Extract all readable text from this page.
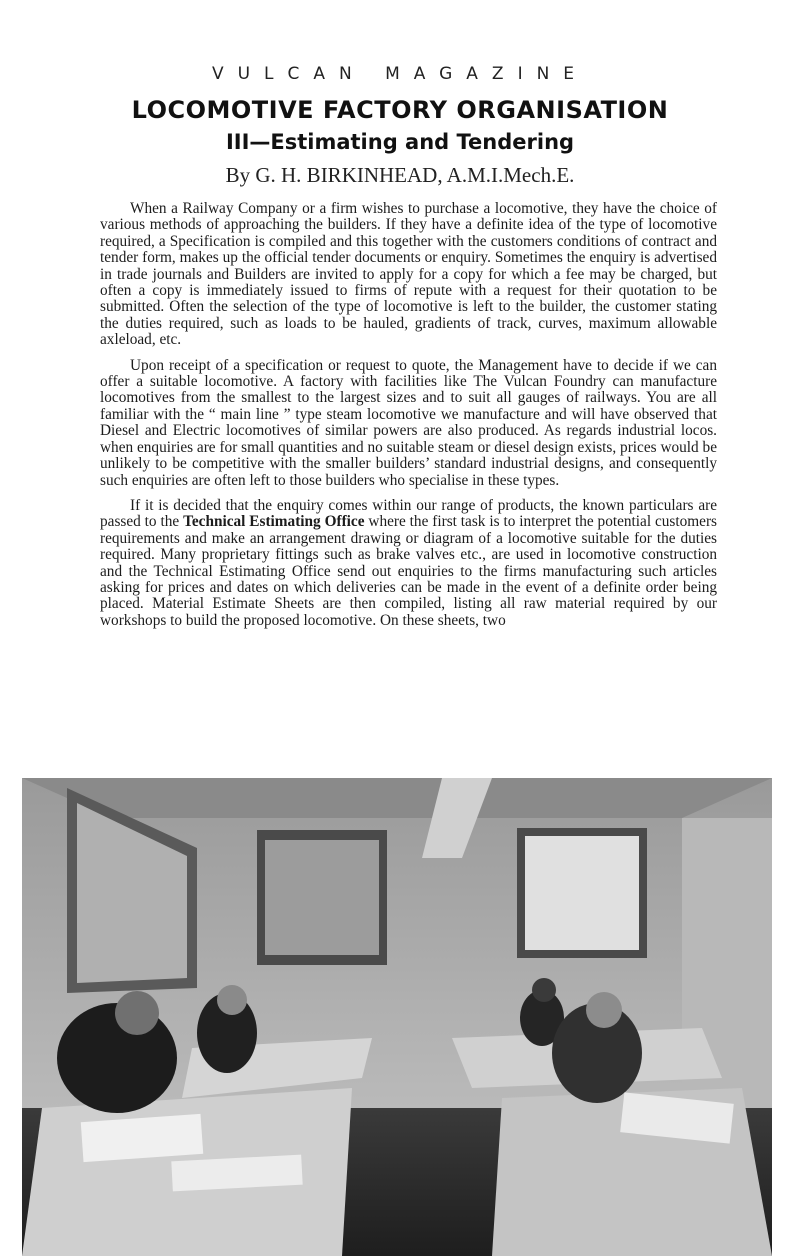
VULCAN MAGAZINE
LOCOMOTIVE FACTORY ORGANISATION
III—Estimating and Tendering
By G. H. BIRKINHEAD, A.M.I.Mech.E.

When a Railway Company or a firm wishes to purchase a locomotive, they have the choice of various methods of approaching the builders. If they have a definite idea of the type of locomotive required, a Specification is compiled and this together with the customers conditions of contract and tender form, makes up the official tender documents or enquiry. Sometimes the enquiry is advertised in trade journals and Builders are invited to apply for a copy for which a fee may be charged, but often a copy is immediately issued to firms of repute with a request for their quotation to be submitted. Often the selection of the type of locomotive is left to the builder, the customer stating the duties required, such as loads to be hauled, gradients of track, curves, maximum allowable axleload, etc.

Upon receipt of a specification or request to quote, the Management have to decide if we can offer a suitable locomotive. A factory with facilities like The Vulcan Foundry can manufacture locomotives from the smallest to the largest sizes and to suit all gauges of railways. You are all familiar with the “ main line ” type steam locomotive we manufacture and will have observed that Diesel and Electric locomotives of similar powers are also produced. As regards industrial locos. when enquiries are for small quantities and no suitable steam or diesel design exists, prices would be unlikely to be competitive with the smaller builders’ standard industrial designs, and consequently such enquiries are often left to those builders who specialise in these types.

If it is decided that the enquiry comes within our range of products, the known particulars are passed to the Technical Estimating Office where the first task is to interpret the potential customers requirements and make an arrangement drawing or diagram of a locomotive suitable for the duties required. Many proprietary fittings such as brake valves etc., are used in locomotive construction and the Technical Estimating Office send out enquiries to the firms manufacturing such articles asking for prices and dates on which deliveries can be made in the event of a definite order being placed. Material Estimate Sheets are then compiled, listing all raw material required by our workshops to build the proposed locomotive. On these sheets, two
